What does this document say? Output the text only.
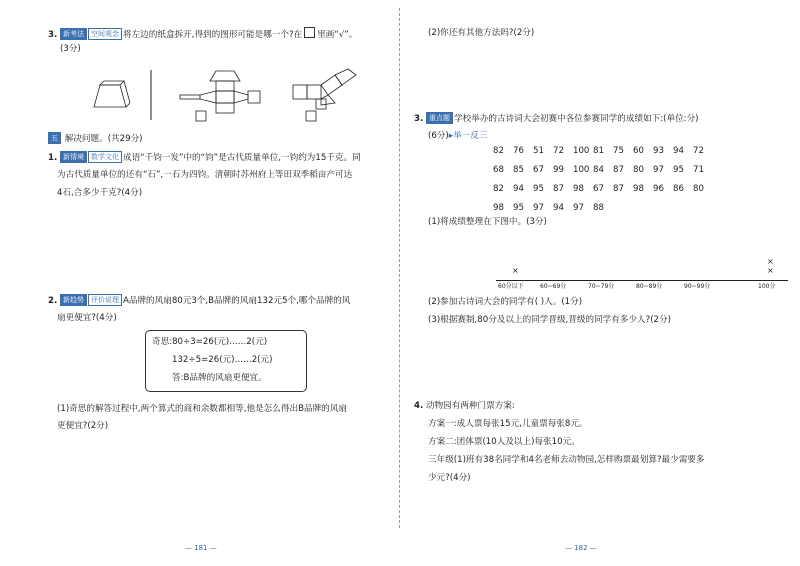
3. 新考法 空间观念 将左边的纸盒拆开,得到的图形可能是哪一个?在 里画“√”。
(3分)
五 解决问题。(共29分)
1. 新情境 数学文化 成语“千钧一发”中的“钧”是古代质量单位,一钧约为15千克。同
为古代质量单位的还有“石”,一石为四钧。清朝时苏州府上等田双季稻亩产可达
4石,合多少千克?(4分)
2. 新趋势 评价说理 A品牌的风扇80元3个,B品牌的风扇132元5个,哪个品牌的风
扇更便宜?(4分)
奇思:80÷3=26(元)……2(元)
132÷5=26(元)……2(元)
答:B品牌的风扇更便宜。
(1)奇思的解答过程中,两个算式的商和余数都相等,他是怎么得出B品牌的风扇
更便宜?(2分)
— 181 —
(2)你还有其他方法吗?(2分)
3. 重点题 学校举办的古诗词大会初赛中各位参赛同学的成绩如下:(单位:分)
(6分)▸举一反三
82 76 51 72 100 81 75 60 93 94 72
68 85 67 99 100 84 87 80 97 95 71
82 94 95 87 98 67 87 98 96 86 80
98 95 97 94 97 88
(1)将成绩整理在下图中。(3分)
×
×
×
60分以下	60~69分	70~79分	80~89分	90~99分	100分
(2)参加古诗词大会的同学有( )人。(1分)
(3)根据赛制,80分及以上的同学晋级,晋级的同学有多少人?(2分)
4. 动物园有两种门票方案:
方案一:成人票每张15元,儿童票每张8元。
方案二:团体票(10人及以上)每张10元。
三年级(1)班有38名同学和4名老师去动物园,怎样购票最划算?最少需要多
少元?(4分)
— 182 —
